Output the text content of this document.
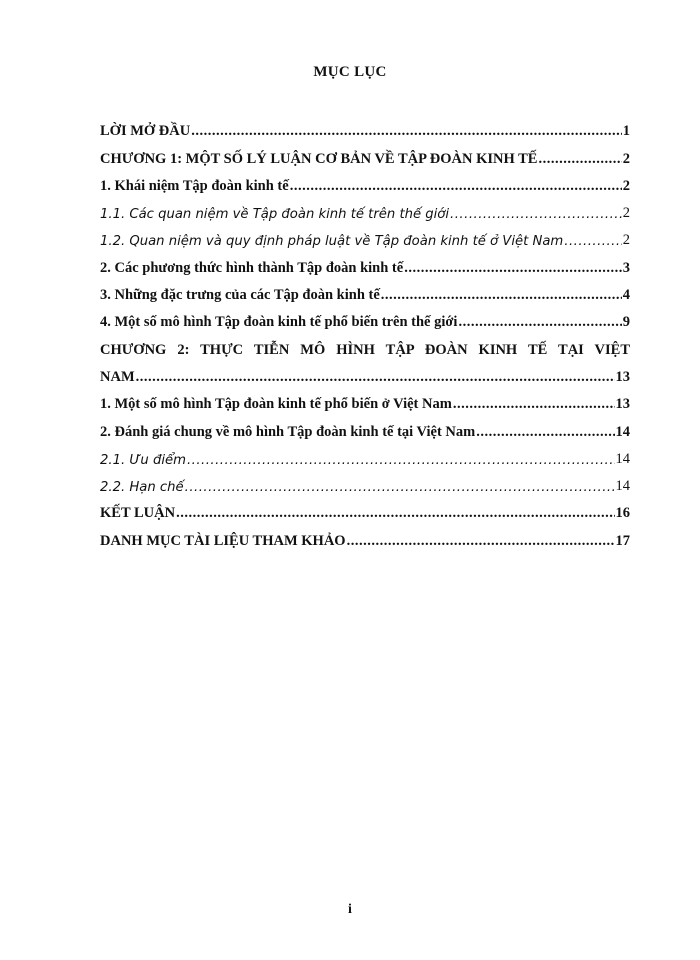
MỤC LỤC
LỜI MỞ ĐẦU .....	1
CHƯƠNG 1: MỘT SỐ LÝ LUẬN CƠ BẢN VỀ TẬP ĐOÀN KINH TẾ .....	2
1. Khái niệm Tập đoàn kinh tế .....	2
1.1. Các quan niệm về Tập đoàn kinh tế trên thế giới .....	2
1.2. Quan niệm và quy định pháp luật về Tập đoàn kinh tế ở Việt Nam .....	2
2. Các phương thức hình thành Tập đoàn kinh tế .....	3
3. Những đặc trưng của các Tập đoàn kinh tế .....	4
4. Một số mô hình Tập đoàn kinh tế phổ biến trên thế giới .....	9
CHƯƠNG 2: THỰC TIỄN MÔ HÌNH TẬP ĐOÀN KINH TẾ TẠI VIỆT
NAM .....	13
1. Một số mô hình Tập đoàn kinh tế phổ biến ở Việt Nam .....	13
2. Đánh giá chung về mô hình Tập đoàn kinh tế tại Việt Nam .....	14
2.1. Ưu điểm .....	14
2.2. Hạn chế .....	14
KẾT LUẬN .....	16
DANH MỤC TÀI LIỆU THAM KHẢO .....	17
i
